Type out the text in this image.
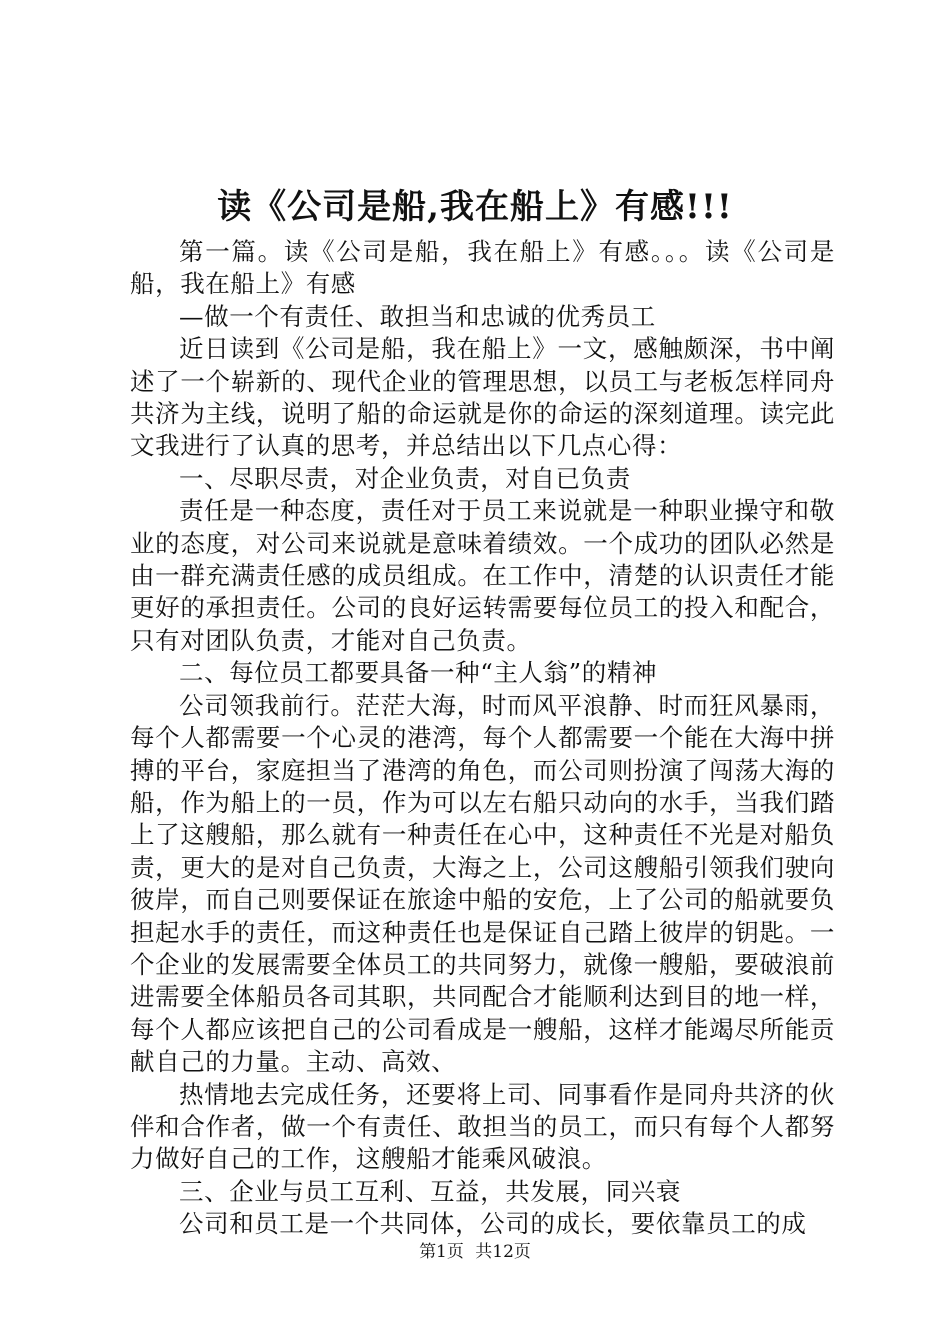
读《公司是船,我在船上》有感!!!

第一篇。读《公司是船，我在船上》有感。。。读《公司是船，我在船上》有感

—做一个有责任、敢担当和忠诚的优秀员工

近日读到《公司是船，我在船上》一文，感触颇深，书中阐述了一个崭新的、现代企业的管理思想，以员工与老板怎样同舟共济为主线，说明了船的命运就是你的命运的深刻道理。读完此文我进行了认真的思考，并总结出以下几点心得：

一、尽职尽责，对企业负责，对自已负责

责任是一种态度，责任对于员工来说就是一种职业操守和敬业的态度，对公司来说就是意味着绩效。一个成功的团队必然是由一群充满责任感的成员组成。在工作中，清楚的认识责任才能更好的承担责任。公司的良好运转需要每位员工的投入和配合，只有对团队负责，才能对自己负责。

二、每位员工都要具备一种“主人翁”的精神

公司领我前行。茫茫大海，时而风平浪静、时而狂风暴雨，每个人都需要一个心灵的港湾，每个人都需要一个能在大海中拼搏的平台，家庭担当了港湾的角色，而公司则扮演了闯荡大海的船，作为船上的一员，作为可以左右船只动向的水手，当我们踏上了这艘船，那么就有一种责任在心中，这种责任不光是对船负责，更大的是对自己负责，大海之上，公司这艘船引领我们驶向彼岸，而自己则要保证在旅途中船的安危，上了公司的船就要负担起水手的责任，而这种责任也是保证自己踏上彼岸的钥匙。一个企业的发展需要全体员工的共同努力，就像一艘船，要破浪前进需要全体船员各司其职，共同配合才能顺利达到目的地一样，每个人都应该把自己的公司看成是一艘船，这样才能竭尽所能贡献自己的力量。主动、高效、

热情地去完成任务，还要将上司、同事看作是同舟共济的伙伴和合作者，做一个有责任、敢担当的员工，而只有每个人都努力做好自己的工作，这艘船才能乘风破浪。

三、企业与员工互利、互益，共发展，同兴衰

公司和员工是一个共同体，公司的成长，要依靠员工的成

第1页 共12页
